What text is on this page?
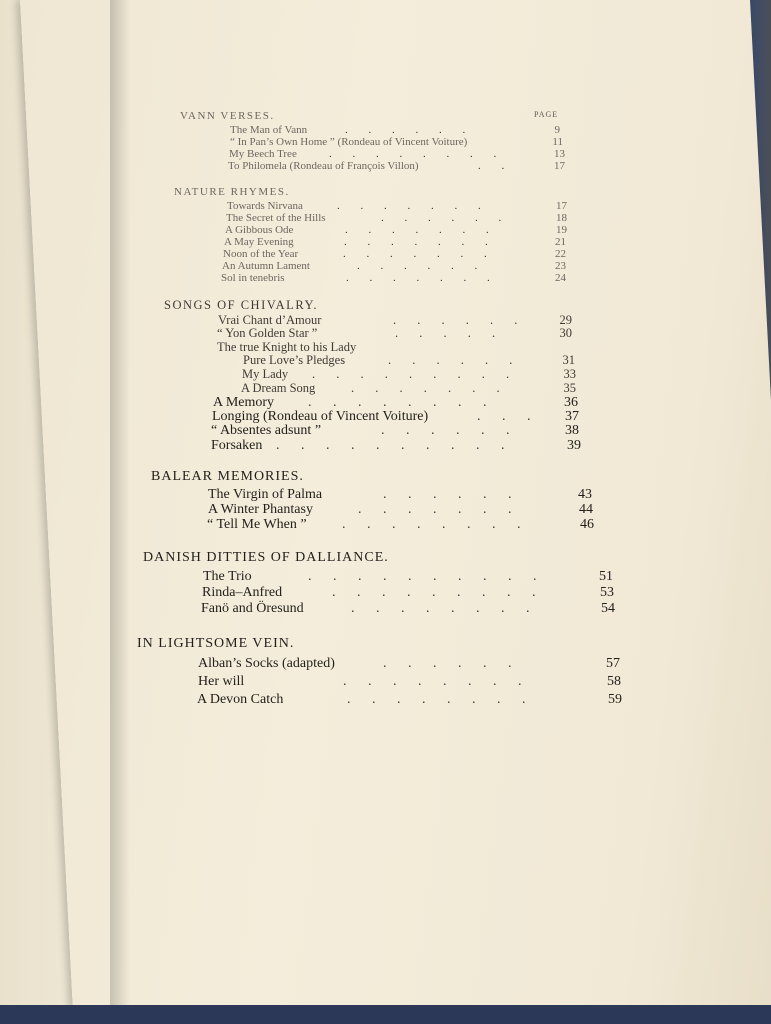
PAGE
VANN VERSES.
The Man of Vann	. . . . . .	9
“ In Pan’s Own Home ” (Rondeau of Vincent Voiture)	11
My Beech Tree	. . . . . . . .	13
To Philomela (Rondeau of François Villon)	. .	17
NATURE RHYMES.
Towards Nirvana	. . . . . . .	17
The Secret of the Hills	. . . . . .	18
A Gibbous Ode	. . . . . . .	19
A May Evening	. . . . . . .	21
Noon of the Year	. . . . . . .	22
An Autumn Lament	. . . . . .	23
Sol in tenebris	. . . . . . .	24
SONGS OF CHIVALRY.
Vrai Chant d’Amour	. . . . . .	29
“ Yon Golden Star ”	. . . . .	30
The true Knight to his Lady
Pure Love’s Pledges	. . . . . .	31
My Lady . . . . . . . . .	33
A Dream Song	. . . . . . .	35
A Memory . . . . . . . .	36
Longing (Rondeau of Vincent Voiture)	. . .	37
“ Absentes adsunt ”	. . . . . .	38
Forsaken . . . . . . . . . .	39
BALEAR MEMORIES.
The Virgin of Palma	. . . . . .	43
A Winter Phantasy	. . . . . . .	44
“ Tell Me When ”	. . . . . . . .	46
DANISH DITTIES OF DALLIANCE.
The Trio	. . . . . . . . . .	51
Rinda–Anfred	. . . . . . . . .	53
Fanö and Öresund	. . . . . . . .	54
IN LIGHTSOME VEIN.
Alban’s Socks (adapted)	. . . . . .	57
Her will	. . . . . . . .	58
A Devon Catch	. . . . . . . .	59
